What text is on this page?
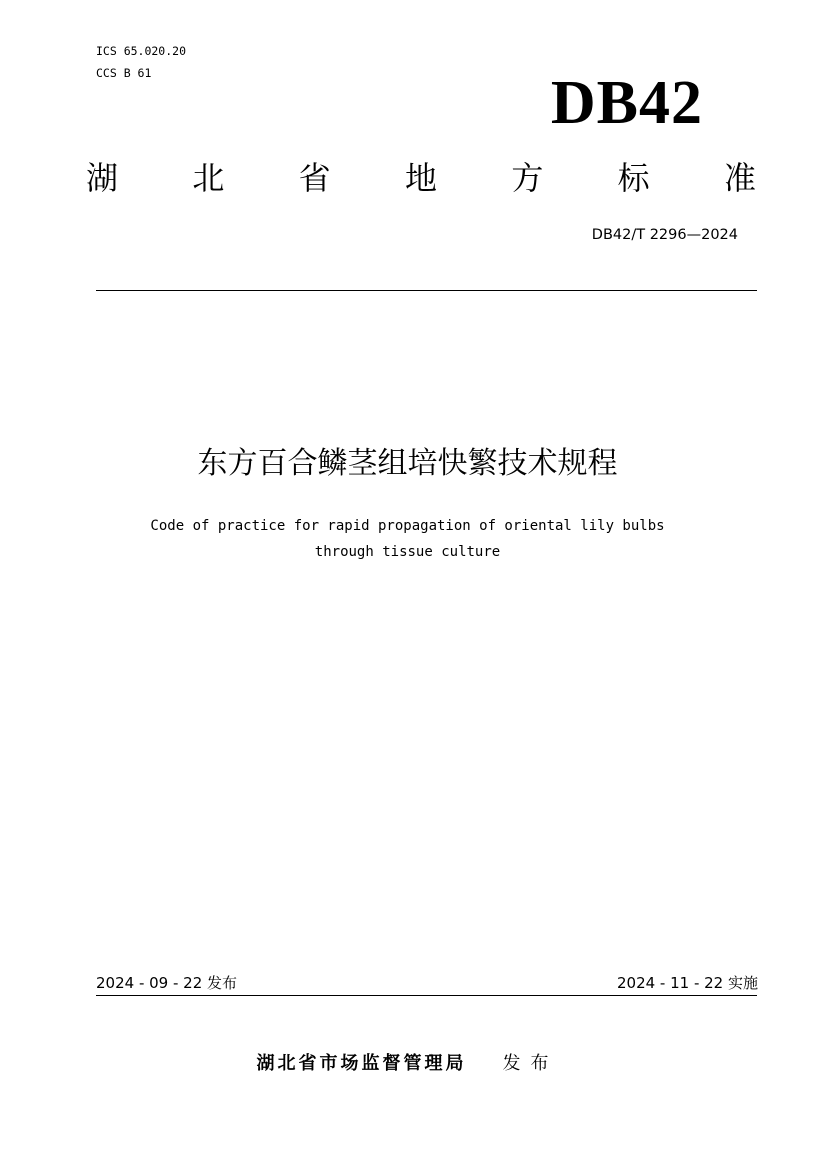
ICS 65.020.20
CCS B 61	DB42
湖 北 省 地 方 标 准
DB42/T 2296—2024
东方百合鳞茎组培快繁技术规程
Code of practice for rapid propagation of oriental lily bulbs
through tissue culture
2024 - 09 - 22 发布	2024 - 11 - 22 实施
湖北省市场监督管理局 发布
